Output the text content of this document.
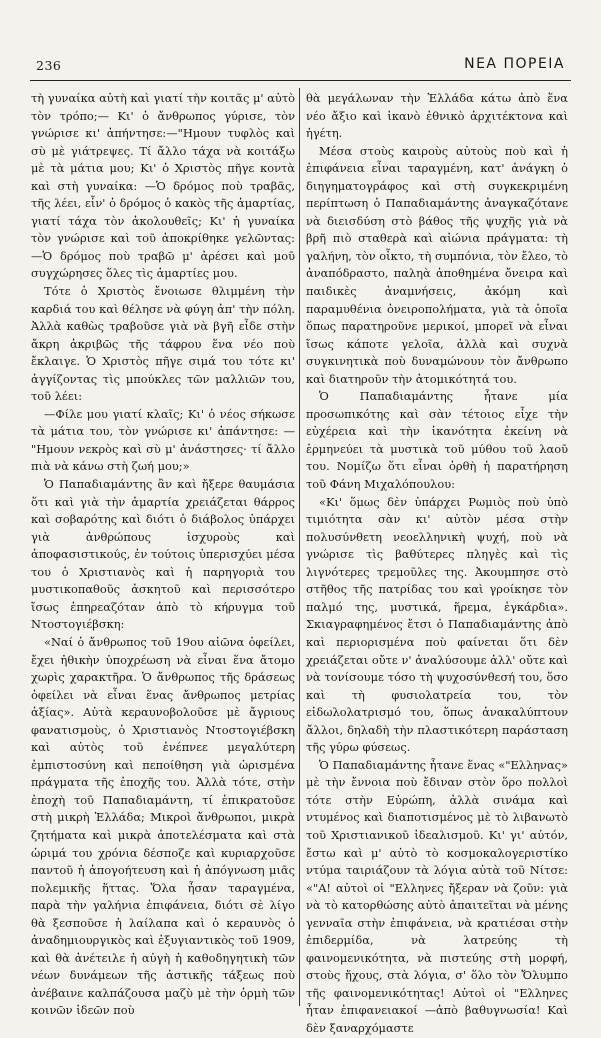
236	ΝΕΑ ΠΟΡΕΙΑ

τὴ γυναίκα αὐτὴ καὶ γιατί τὴν κοιτᾶς μ' αὐτὸ τὸν τρόπο;— Κι' ὁ ἄνθρωπος γύρισε, τὸν γνώρισε κι' ἀπήντησε:—"Ημουν τυφλὸς καὶ σὺ μὲ γιάτρεψες. Τί ἄλλο τάχα νὰ κοιτάξω μὲ τὰ μάτια μου; Κι' ὁ Χριστὸς πῆγε κοντὰ καὶ στὴ γυναίκα: —Ὁ δρόμος ποὺ τραβᾶς, τῆς λέει, εἶν' ὁ δρόμος ὁ κακὸς τῆς ἁμαρτίας, γιατί τάχα τὸν ἀκολουθεῖς; Κι' ἡ γυναίκα τὸν γνώρισε καὶ τοῦ ἀποκρίθηκε γελῶντας: —Ὁ δρόμος ποὺ τραβῶ μ' ἀρέσει καὶ μοῦ συγχώρησες ὅλες τὶς ἁμαρτίες μου.

Τότε ὁ Χριστὸς ἔνοιωσε θλιμμένη τὴν καρδιά του καὶ θέλησε νὰ φύγη ἀπ' τὴν πόλη. Ἀλλὰ καθὼς τραβοῦσε γιὰ νὰ βγῆ εἶδε στὴν ἄκρη ἀκριβῶς τῆς τάφρου ἕνα νέο ποὺ ἔκλαιγε. Ὁ Χριστὸς πῆγε σιμά του τότε κι' ἀγγίζοντας τὶς μπούκλες τῶν μαλλιῶν του, τοῦ λέει:

—Φίλε μου γιατί κλαῖς; Κι' ὁ νέος σήκωσε τὰ μάτια του, τὸν γνώρισε κι' ἀπάντησε: — "Ημουν νεκρὸς καὶ σὺ μ' ἀνάστησες· τί ἄλλο πιὰ νὰ κάνω στὴ ζωή μου;»

Ὁ Παπαδιαμάντης ἂν καὶ ἤξερε θαυμάσια ὅτι καὶ γιὰ τὴν ἁμαρτία χρειάζεται θάρρος καὶ σοβαρότης καὶ διότι ὁ διάβολος ὑπάρχει γιὰ ἀνθρώπους ἰσχυροὺς καὶ ἀποφασιστικούς, ἐν τούτοις ὑπερισχύει μέσα του ὁ Χριστιανὸς καὶ ἡ παρηγοριὰ του μυστικοπαθοῦς ἀσκητοῦ καὶ περισσότερο ἴσως ἐπηρεαζόταν ἀπὸ τὸ κήρυγμα τοῦ Ντοστογιέβσκη:

«Ναί ὁ ἄνθρωπος τοῦ 19ου αἰῶνα ὀφείλει, ἔχει ἠθικὴν ὑποχρέωση νὰ εἶναι ἕνα ἄτομο χωρὶς χαρακτῆρα. Ὁ ἄνθρωπος τῆς δράσεως ὀφείλει νὰ εἶναι ἕνας ἄνθρωπος μετρίας ἀξίας». Αὐτὰ κεραυνοβολοῦσε μὲ ἄγριους φανατισμοὺς, ὁ Χριστιανὸς Ντοστογιέβσκη καὶ αὐτὸς τοῦ ἐνέπνεε μεγαλύτερη ἐμπιστοσύνη καὶ πεποίθηση γιὰ ὡρισμένα πράγματα τῆς ἐποχῆς του. Ἀλλὰ τότε, στὴν ἐποχὴ τοῦ Παπαδιαμάντη, τί ἐπικρατοῦσε στὴ μικρὴ Ἑλλάδα; Μικροὶ ἄνθρωποι, μικρὰ ζητήματα καὶ μικρὰ ἀποτελέσματα καὶ στὰ ὡριμά του χρόνια δέσποζε καὶ κυριαρχοῦσε παντοῦ ἡ ἀπογοήτευση καὶ ἡ ἀπόγνωση μιᾶς πολεμικῆς ἥττας. Ὅλα ἦσαν ταραγμένα, παρὰ τὴν γαλήνια ἐπιφάνεια, διότι σὲ λίγο θὰ ξεσποῦσε ἡ λαίλαπα καὶ ὁ κεραυνὸς ὁ ἀναδημιουργικὸς καὶ ἐξυγιαντικὸς τοῦ 1909, καὶ θὰ ἀνέτειλε ἡ αὐγὴ ἡ καθοδηγητικὴ τῶν νέων δυνάμεων τῆς ἀστικῆς τάξεως ποὺ ἀνέβαινε καλπάζουσα μαζὺ μὲ τὴν ὁρμὴ τῶν κοινῶν ἰδεῶν ποὺ

θὰ μεγάλωναν τὴν Ἑλλάδα κάτω ἀπὸ ἕνα νέο ἄξιο καὶ ἱκανὸ ἐθνικὸ ἀρχιτέκτονα καὶ ἡγέτη.

Μέσα στοὺς καιροὺς αὐτοὺς ποὺ καὶ ἡ ἐπιφάνεια εἶναι ταραγμένη, κατ' ἀνάγκη ὁ διηγηματογράφος καὶ στὴ συγκεκριμένη περίπτωση ὁ Παπαδιαμάντης ἀναγκαζότανε νὰ διεισδύση στὸ βάθος τῆς ψυχῆς γιὰ νὰ βρῆ πιὸ σταθερὰ καὶ αἰώνια πράγματα: τὴ γαλήνη, τὸν οἶκτο, τὴ συμπόνια, τὸν ἔλεο, τὸ ἀναπόδραστο, παληὰ ἀποθημένα ὄνειρα καὶ παιδικὲς ἀναμνήσεις, ἀκόμη καὶ παραμυθένια ὀνειροπολήματα, γιὰ τὰ ὁποῖα ὅπως παρατηροῦνε μερικοί, μπορεῖ νὰ εἶναι ἴσως κάποτε γελοῖα, ἀλλὰ καὶ συχνὰ συγκινητικὰ ποὺ δυναμώνουν τὸν ἄνθρωπο καὶ διατηροῦν τὴν ἀτομικότητά του.

Ὁ Παπαδιαμάντης ἦτανε μία προσωπικότης καὶ σὰν τέτοιος εἶχε τὴν εὐχέρεια καὶ τὴν ἱκανότητα ἐκείνη νὰ ἑρμηνεύει τὰ μυστικὰ τοῦ μύθου τοῦ λαοῦ του. Νομίζω ὅτι εἶναι ὀρθὴ ἡ παρατήρηση τοῦ Φάνη Μιχαλόπουλου:

«Κι' ὅμως δὲν ὑπάρχει Ρωμιὸς ποὺ ὑπὸ τιμιότητα σὰν κι' αὐτὸν μέσα στὴν πολυσύνθετη νεοελληνικὴ ψυχή, ποὺ νὰ γνώρισε τὶς βαθύτερες πληγὲς καὶ τὶς λιγνότερες τρεμοῦλες της. Ἀκουμπησε στὸ στῆθος τῆς πατρίδας του καὶ γροίκησε τὸν παλμό της, μυστικά, ἥρεμα, ἐγκάρδια». Σκιαγραφημένος ἔτσι ὁ Παπαδιαμάντης ἀπὸ καὶ περιορισμένα ποὺ φαίνεται ὅτι δὲν χρειάζεται οὔτε ν' ἀναλύσουμε ἀλλ' οὔτε καὶ νὰ τονίσουμε τόσο τὴ ψυχοσύνθεσή του, ὅσο καὶ τὴ φυσιολατρεία του, τὸν εἰδωλολατρισμό του, ὅπως ἀνακαλύπτουν ἄλλοι, δηλαδὴ τὴν πλαστικότερη παράσταση τῆς γύρω φύσεως.

Ὁ Παπαδιαμάντης ἦτανε ἕνας «"Ελληνας» μὲ τὴν ἔννοια ποὺ ἔδιναν στὸν ὅρο πολλοὶ τότε στὴν Εὐρώπη, ἀλλὰ σινάμα καὶ ντυμένος καὶ διαποτισμένος μὲ τὸ λιβανωτὸ τοῦ Χριστιανικοῦ ἰδεαλισμοῦ. Κι' γι' αὐτόν, ἔστω καὶ μ' αὐτὸ τὸ κοσμοκαλογεριστίκο ντύμα ταιριάζουν τὰ λόγια αὐτὰ τοῦ Νίτσε: «"Α! αὐτοὶ οἱ "Ελληνες ἤξεραν νὰ ζοῦν: γιὰ νὰ τὸ κατορθώσης αὐτὸ ἀπαιτεῖται νὰ μένης γενναῖα στὴν ἐπιφάνεια, νὰ κρατιέσαι στὴν ἐπιδερμίδα, νὰ λατρεύης τὴ φαινομενικότητα, νὰ πιστεύης στὴ μορφή, στοὺς ἤχους, στὰ λόγια, σ' ὅλο τὸν Ὄλυμπο τῆς φαινομενικότητας! Αὐτοὶ οἱ "Ελληνες ἦταν ἐπιφανειακοί —ἀπὸ βαθυγνωσία! Καὶ δὲν ξαναρχόμαστε
